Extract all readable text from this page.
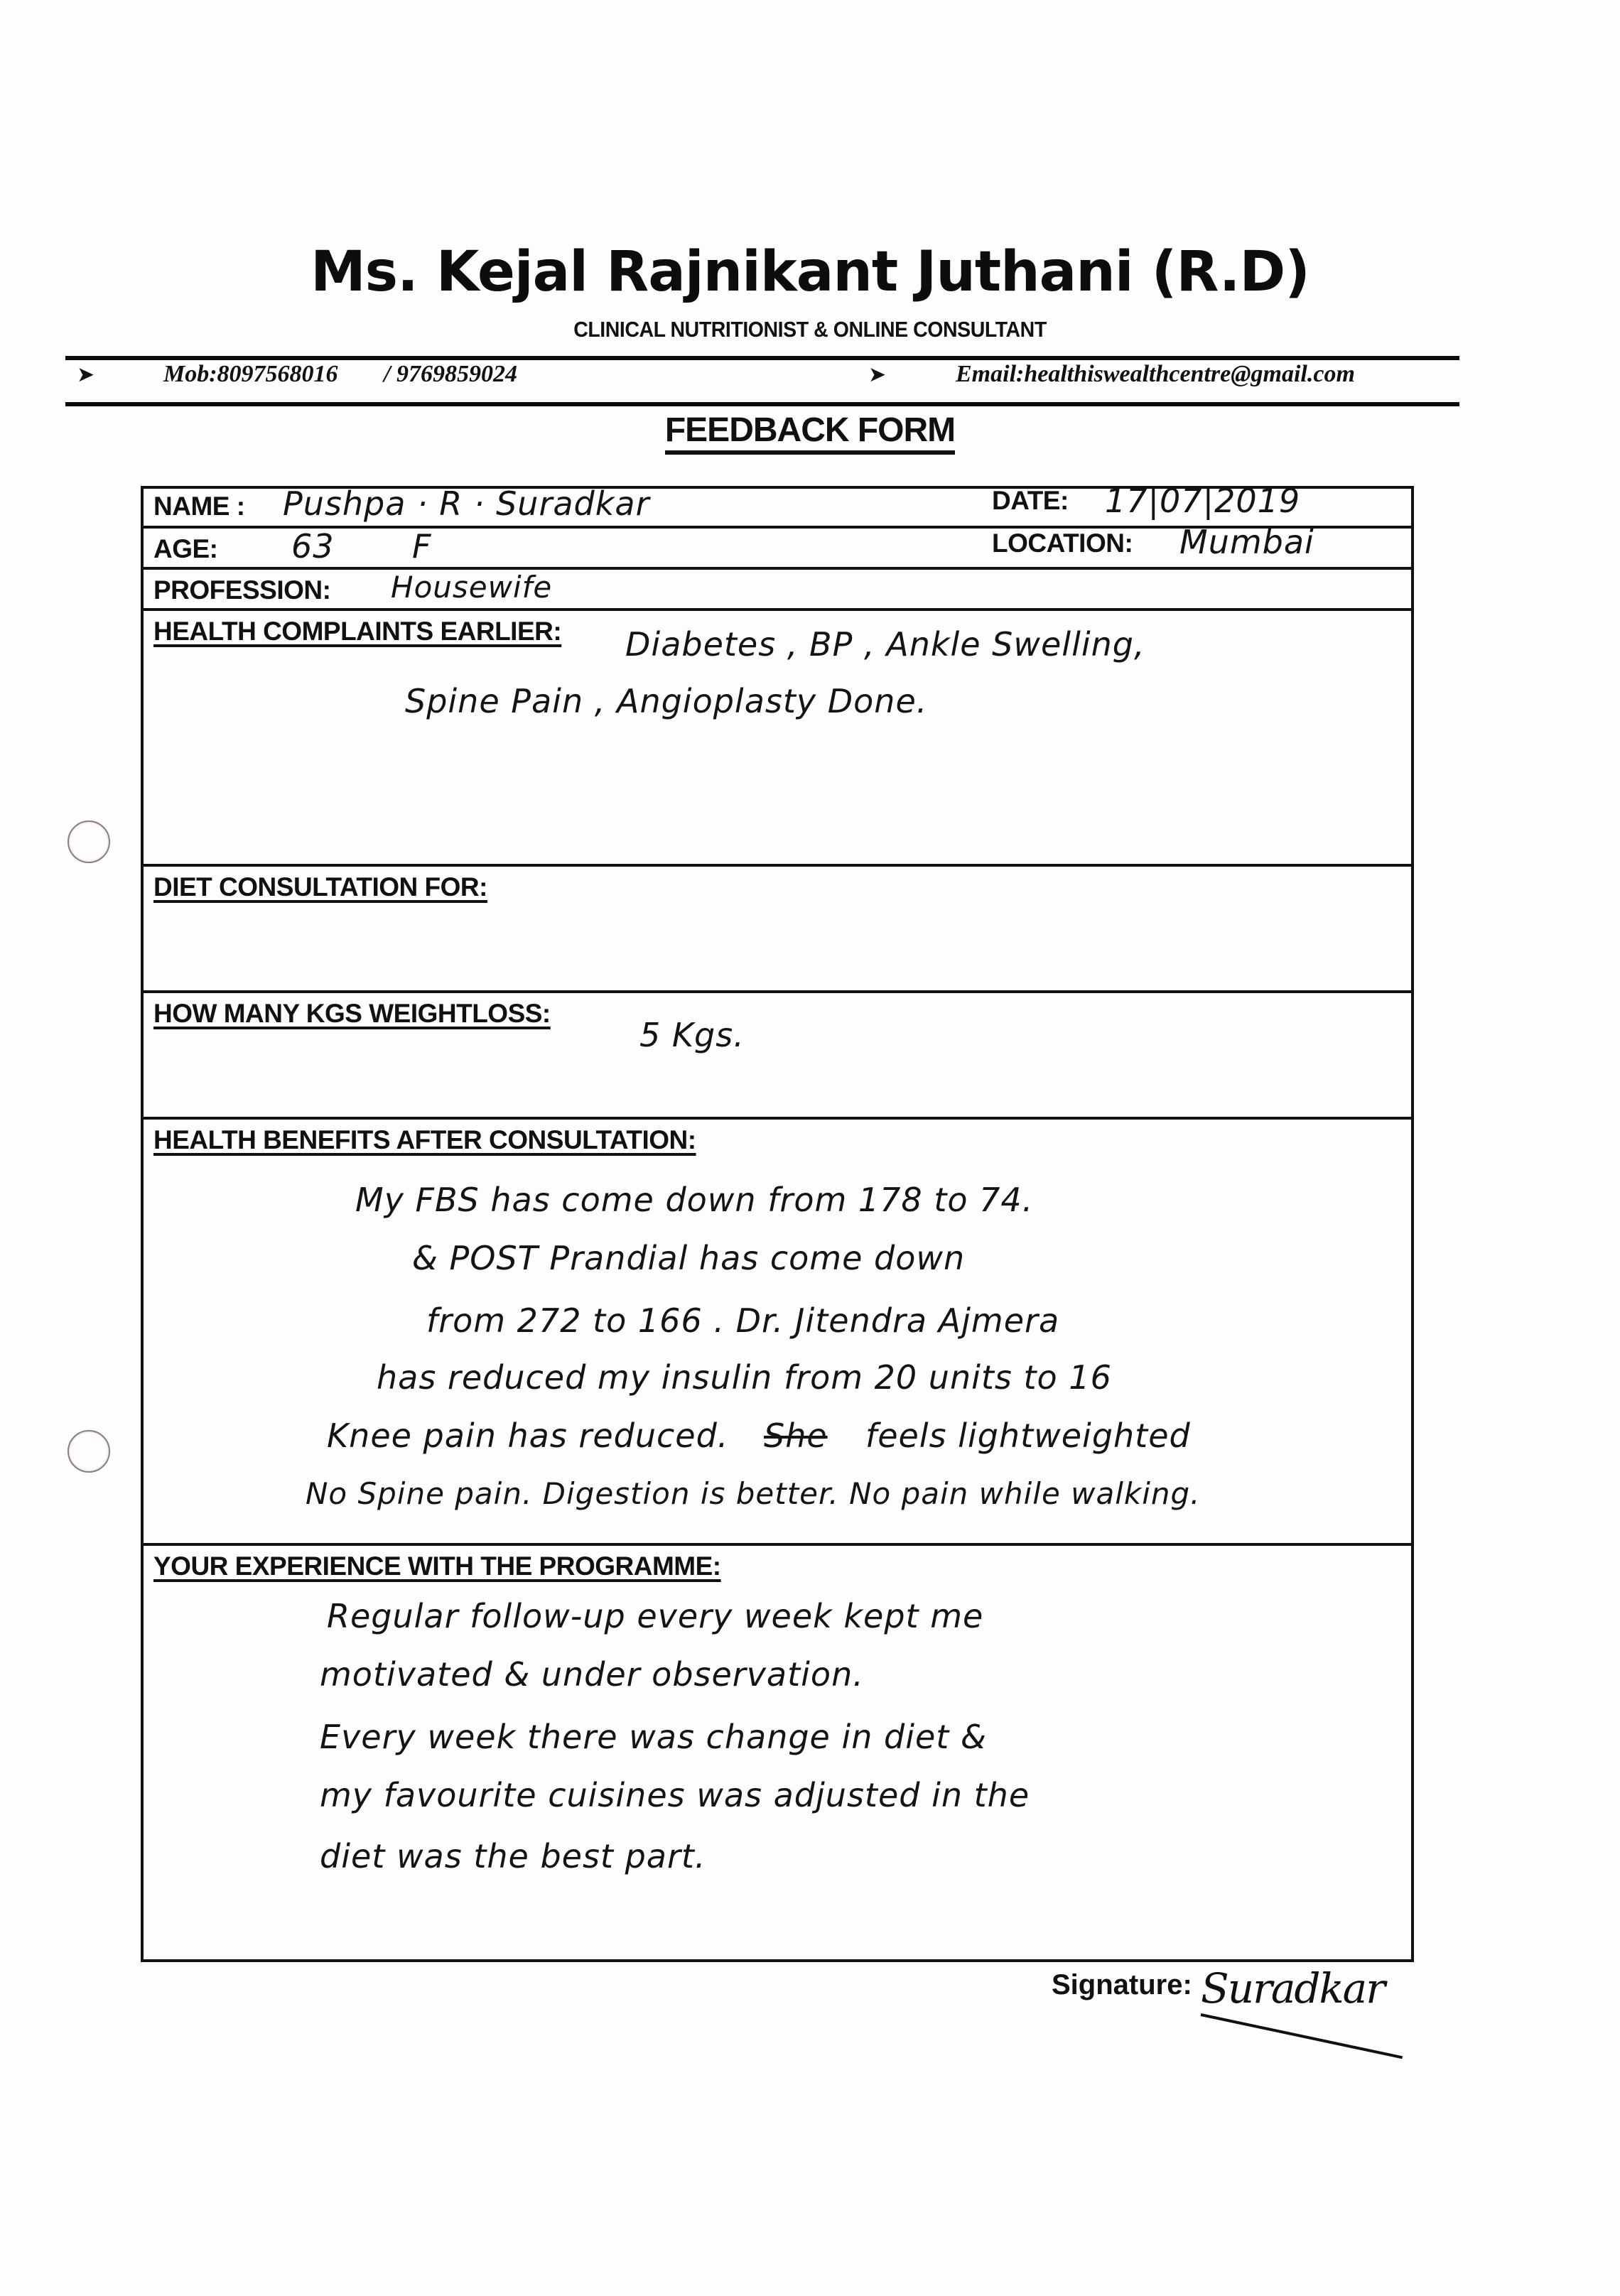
Ms. Kejal Rajnikant Juthani (R.D)
CLINICAL NUTRITIONIST & ONLINE CONSULTANT
➤	Mob:8097568016 / 9769859024	➤	Email:healthiswealthcentre@gmail.com
FEEDBACK FORM
NAME : Pushpa · R · Suradkar	DATE: 17|07|2019
AGE: 63 F	LOCATION: Mumbai
PROFESSION: Housewife
HEALTH COMPLAINTS EARLIER: Diabetes , BP , Ankle Swelling,
Spine Pain , Angioplasty Done.
DIET CONSULTATION FOR:
HOW MANY KGS WEIGHTLOSS:
5 Kgs.
HEALTH BENEFITS AFTER CONSULTATION:
My FBS has come down from 178 to 74.
& POST Prandial has come down
from 272 to 166 . Dr. Jitendra Ajmera
has reduced my insulin from 20 units to 16
Knee pain has reduced. She feels lightweighted
No Spine pain. Digestion is better. No pain while walking.
YOUR EXPERIENCE WITH THE PROGRAMME:
Regular follow-up every week kept me
motivated & under observation.
Every week there was change in diet &
my favourite cuisines was adjusted in the
diet was the best part.
Signature: Suradkar
